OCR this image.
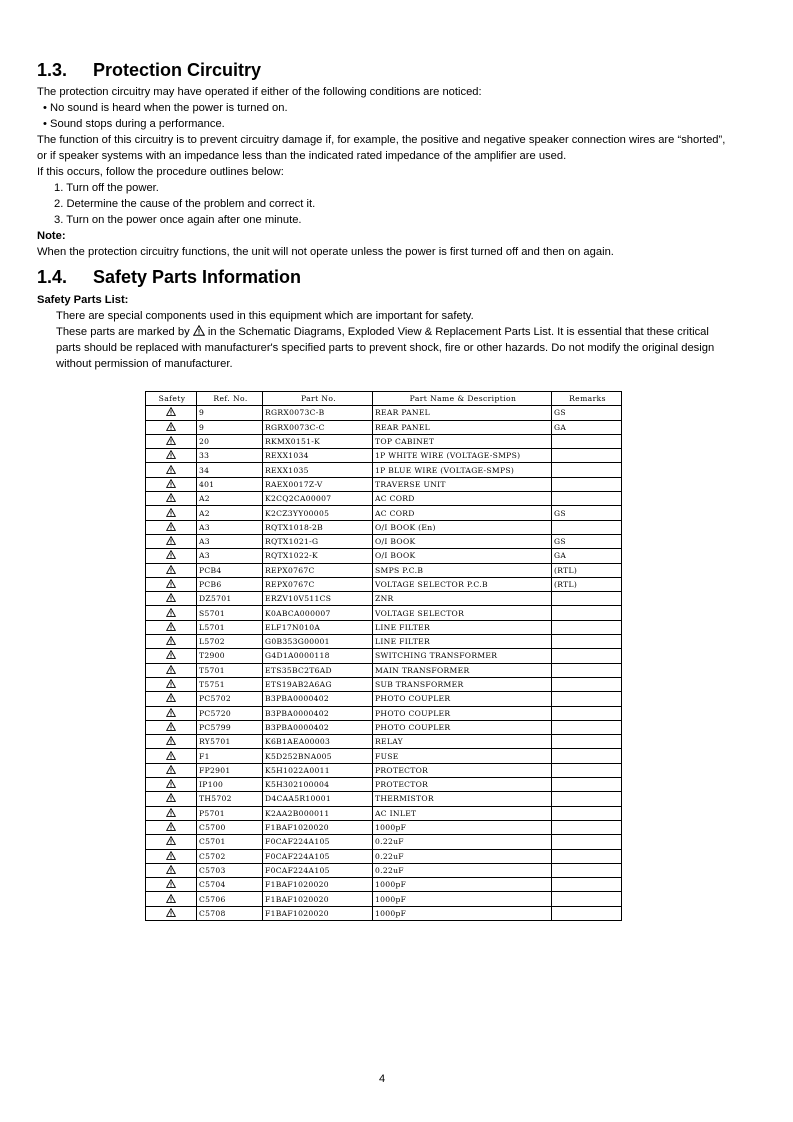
1.3. Protection Circuitry

The protection circuitry may have operated if either of the following conditions are noticed:

• No sound is heard when the power is turned on.

• Sound stops during a performance.

The function of this circuitry is to prevent circuitry damage if, for example, the positive and negative speaker connection wires are “shorted”, or if speaker systems with an impedance less than the indicated rated impedance of the amplifier are used.

If this occurs, follow the procedure outlines below:

1. Turn off the power.

2. Determine the cause of the problem and correct it.

3. Turn on the power once again after one minute.

Note:

When the protection circuitry functions, the unit will not operate unless the power is first turned off and then on again.

1.4. Safety Parts Information

Safety Parts List:

There are special components used in this equipment which are important for safety.

These parts are marked by in the Schematic Diagrams, Exploded View & Replacement Parts List. It is essential that these critical parts should be replaced with manufacturer's specified parts to prevent shock, fire or other hazards. Do not modify the original design without permission of manufacturer.

Safety	Ref. No.	Part No.	Part Name & Description	Remarks
	9	RGRX0073C-B	REAR PANEL	GS
	9	RGRX0073C-C	REAR PANEL	GA
	20	RKMX0151-K	TOP CABINET	
	33	REXX1034	1P WHITE WIRE (VOLTAGE-SMPS)	
	34	REXX1035	1P BLUE WIRE (VOLTAGE-SMPS)	
	401	RAEX0017Z-V	TRAVERSE UNIT	
	A2	K2CQ2CA00007	AC CORD	
	A2	K2CZ3YY00005	AC CORD	GS
	A3	RQTX1018-2B	O/I BOOK (En)	
	A3	RQTX1021-G	O/I BOOK	GS
	A3	RQTX1022-K	O/I BOOK	GA
	PCB4	REPX0767C	SMPS P.C.B	(RTL)
	PCB6	REPX0767C	VOLTAGE SELECTOR P.C.B	(RTL)
	DZ5701	ERZV10V511CS	ZNR	
	S5701	K0ABCA000007	VOLTAGE SELECTOR	
	L5701	ELF17N010A	LINE FILTER	
	L5702	G0B353G00001	LINE FILTER	
	T2900	G4D1A0000118	SWITCHING TRANSFORMER	
	T5701	ETS35BC2T6AD	MAIN TRANSFORMER	
	T5751	ETS19AB2A6AG	SUB TRANSFORMER	
	PC5702	B3PBA0000402	PHOTO COUPLER	
	PC5720	B3PBA0000402	PHOTO COUPLER	
	PC5799	B3PBA0000402	PHOTO COUPLER	
	RY5701	K6B1AEA00003	RELAY	
	F1	K5D252BNA005	FUSE	
	FP2901	K5H1022A0011	PROTECTOR	
	IP100	K5H302100004	PROTECTOR	
	TH5702	D4CAA5R10001	THERMISTOR	
	P5701	K2AA2B000011	AC INLET	
	C5700	F1BAF1020020	1000pF	
	C5701	F0CAF224A105	0.22uF	
	C5702	F0CAF224A105	0.22uF	
	C5703	F0CAF224A105	0.22uF	
	C5704	F1BAF1020020	1000pF	
	C5706	F1BAF1020020	1000pF	
	C5708	F1BAF1020020	1000pF	
4
